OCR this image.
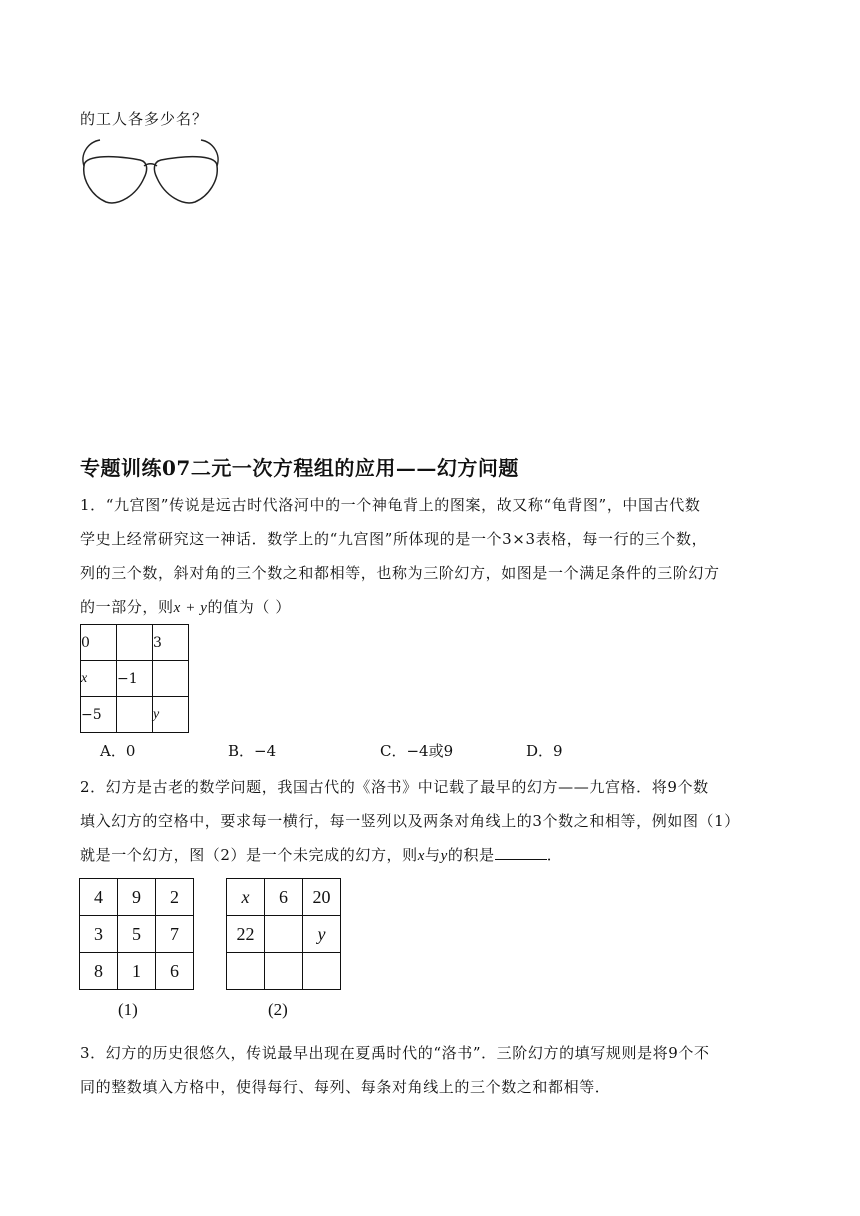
的工人各多少名？
专题训练07二元一次方程组的应用——幻方问题
1．“九宫图”传说是远古时代洛河中的一个神龟背上的图案，故又称“龟背图”，中国古代数
学史上经常研究这一神话．数学上的“九宫图”所体现的是一个3×3表格，每一行的三个数，
列的三个数，斜对角的三个数之和都相等，也称为三阶幻方，如图是一个满足条件的三阶幻方
的一部分，则x + y的值为（ ）
0		3
x	−1	
−5		y
A．0	B．−4	C．−4或9	D．9
2．幻方是古老的数学问题，我国古代的《洛书》中记载了最早的幻方——九宫格．将9个数
填入幻方的空格中，要求每一横行，每一竖列以及两条对角线上的3个数之和相等，例如图（1）
就是一个幻方，图（2）是一个未完成的幻方，则x与y的积是	．
4	9	2
3	5	7
8	1	6
x	6	20
22		y

(1)	(2)
3．幻方的历史很悠久，传说最早出现在夏禹时代的“洛书”．三阶幻方的填写规则是将9个不
同的整数填入方格中，使得每行、每列、每条对角线上的三个数之和都相等．
